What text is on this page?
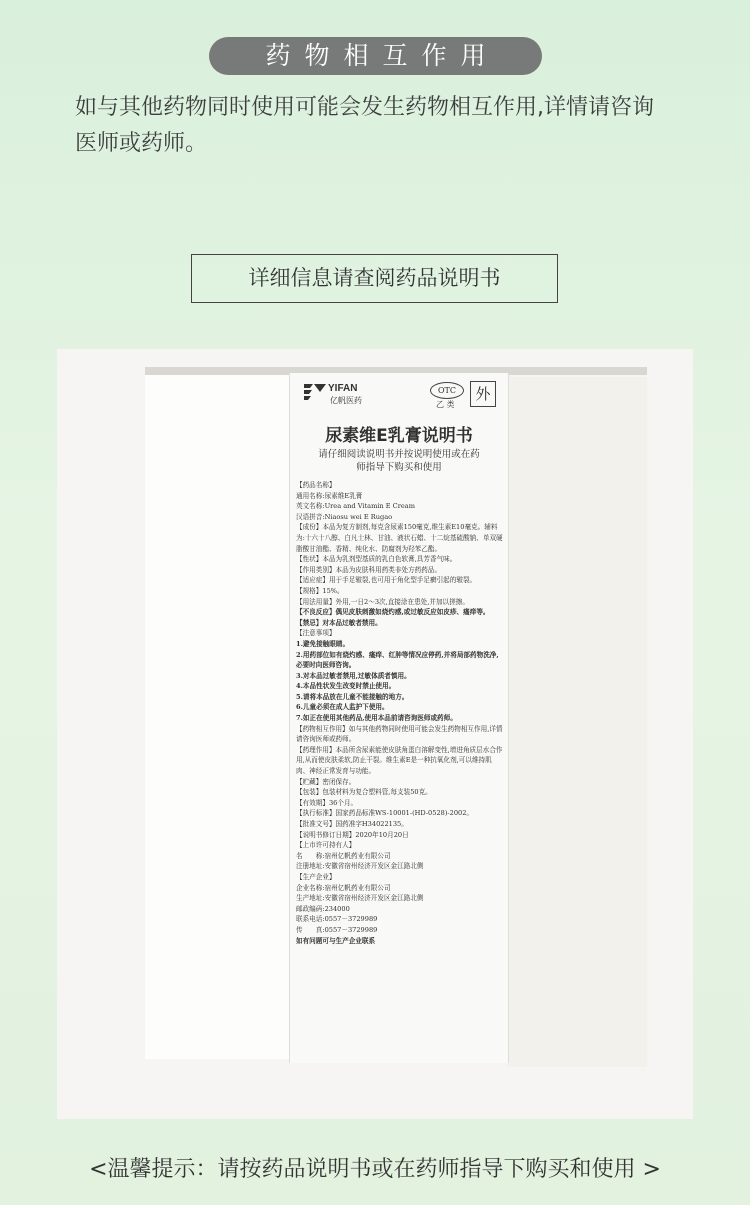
药物相互作用
如与其他药物同时使用可能会发生药物相互作用,详情请咨询医师或药师。
详细信息请查阅药品说明书
YIFAN
亿帆医药
OTC
乙 类
外
尿素维E乳膏说明书
请仔细阅读说明书并按说明使用或在药师指导下购买和使用
【药品名称】
通用名称:尿素维E乳膏
英文名称:Urea and Vitamin E Cream
汉语拼音:Niaosu wei E Rugao
【成份】本品为复方制剂,每克含尿素150毫克,维生素E10毫克。辅料为:十六十八醇、白凡士林、甘油、液状石蜡、十二烷基硫酸钠、单双硬脂酸甘油酯、香精、纯化水、防腐剂为羟苯乙酯。
【性状】本品为乳剂型基质的乳白色软膏,具芳香气味。
【作用类别】本品为皮肤科用药类非处方药药品。
【适应症】用于手足皲裂,也可用于角化型手足癣引起的皲裂。
【规格】15%。
【用法用量】外用,一日2～3次,直接涂在患处,并加以搓擦。
【不良反应】偶见皮肤刺激如烧灼感,或过敏反应如皮疹、瘙痒等。
【禁忌】对本品过敏者禁用。
【注意事项】
1.避免接触眼睛。
2.用药部位如有烧灼感、瘙痒、红肿等情况应停药,并将局部药物洗净,必要时向医师咨询。
3.对本品过敏者禁用,过敏体质者慎用。
4.本品性状发生改变时禁止使用。
5.请将本品放在儿童不能接触的地方。
6.儿童必须在成人监护下使用。
7.如正在使用其他药品,使用本品前请咨询医师或药师。
【药物相互作用】如与其他药物同时使用可能会发生药物相互作用,详情请咨询医师或药师。
【药理作用】本品所含尿素能使皮肤角蛋白溶解变性,增进角质层水合作用,从而使皮肤柔软,防止干裂。维生素E是一种抗氧化剂,可以维持肌肉、神经正常发育与功能。
【贮藏】密闭保存。
【包装】包装材料为复合塑料管,每支装50克。
【有效期】36个月。
【执行标准】国家药品标准WS-10001-(HD-0528)-2002。
【批准文号】国药准字H34022135。
【说明书修订日期】2020年10月20日
【上市许可持有人】
名　　称:宿州亿帆药业有限公司
注册地址:安徽省宿州经济开发区金江路北侧
【生产企业】
企业名称:宿州亿帆药业有限公司
生产地址:安徽省宿州经济开发区金江路北侧
邮政编码:234000
联系电话:0557－3729989
传　　真:0557－3729989
如有问题可与生产企业联系
<温馨提示：请按药品说明书或在药师指导下购买和使用 >
